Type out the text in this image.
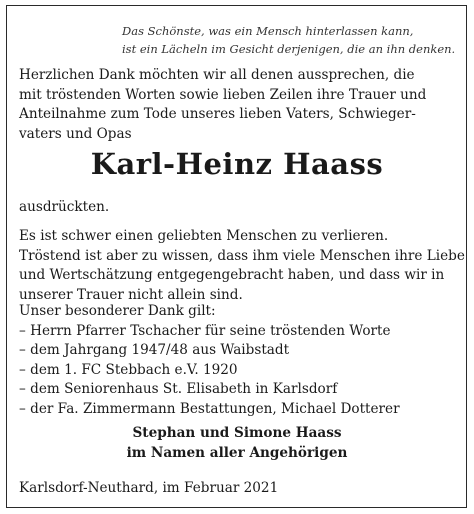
Das Schönste, was ein Mensch hinterlassen kann,
ist ein Lächeln im Gesicht derjenigen, die an ihn denken.
Herzlichen Dank möchten wir all denen aussprechen, die
mit tröstenden Worten sowie lieben Zeilen ihre Trauer und
Anteilnahme zum Tode unseres lieben Vaters, Schwieger-
vaters und Opas
Karl-Heinz Haass
ausdrückten.
Es ist schwer einen geliebten Menschen zu verlieren.
Tröstend ist aber zu wissen, dass ihm viele Menschen ihre Liebe
und Wertschätzung entgegengebracht haben, und dass wir in
unserer Trauer nicht allein sind.
Unser besonderer Dank gilt:
– Herrn Pfarrer Tschacher für seine tröstenden Worte
– dem Jahrgang 1947/48 aus Waibstadt
– dem 1. FC Stebbach e.V. 1920
– dem Seniorenhaus St. Elisabeth in Karlsdorf
– der Fa. Zimmermann Bestattungen, Michael Dotterer
Stephan und Simone Haass
im Namen aller Angehörigen
Karlsdorf-Neuthard, im Februar 2021
